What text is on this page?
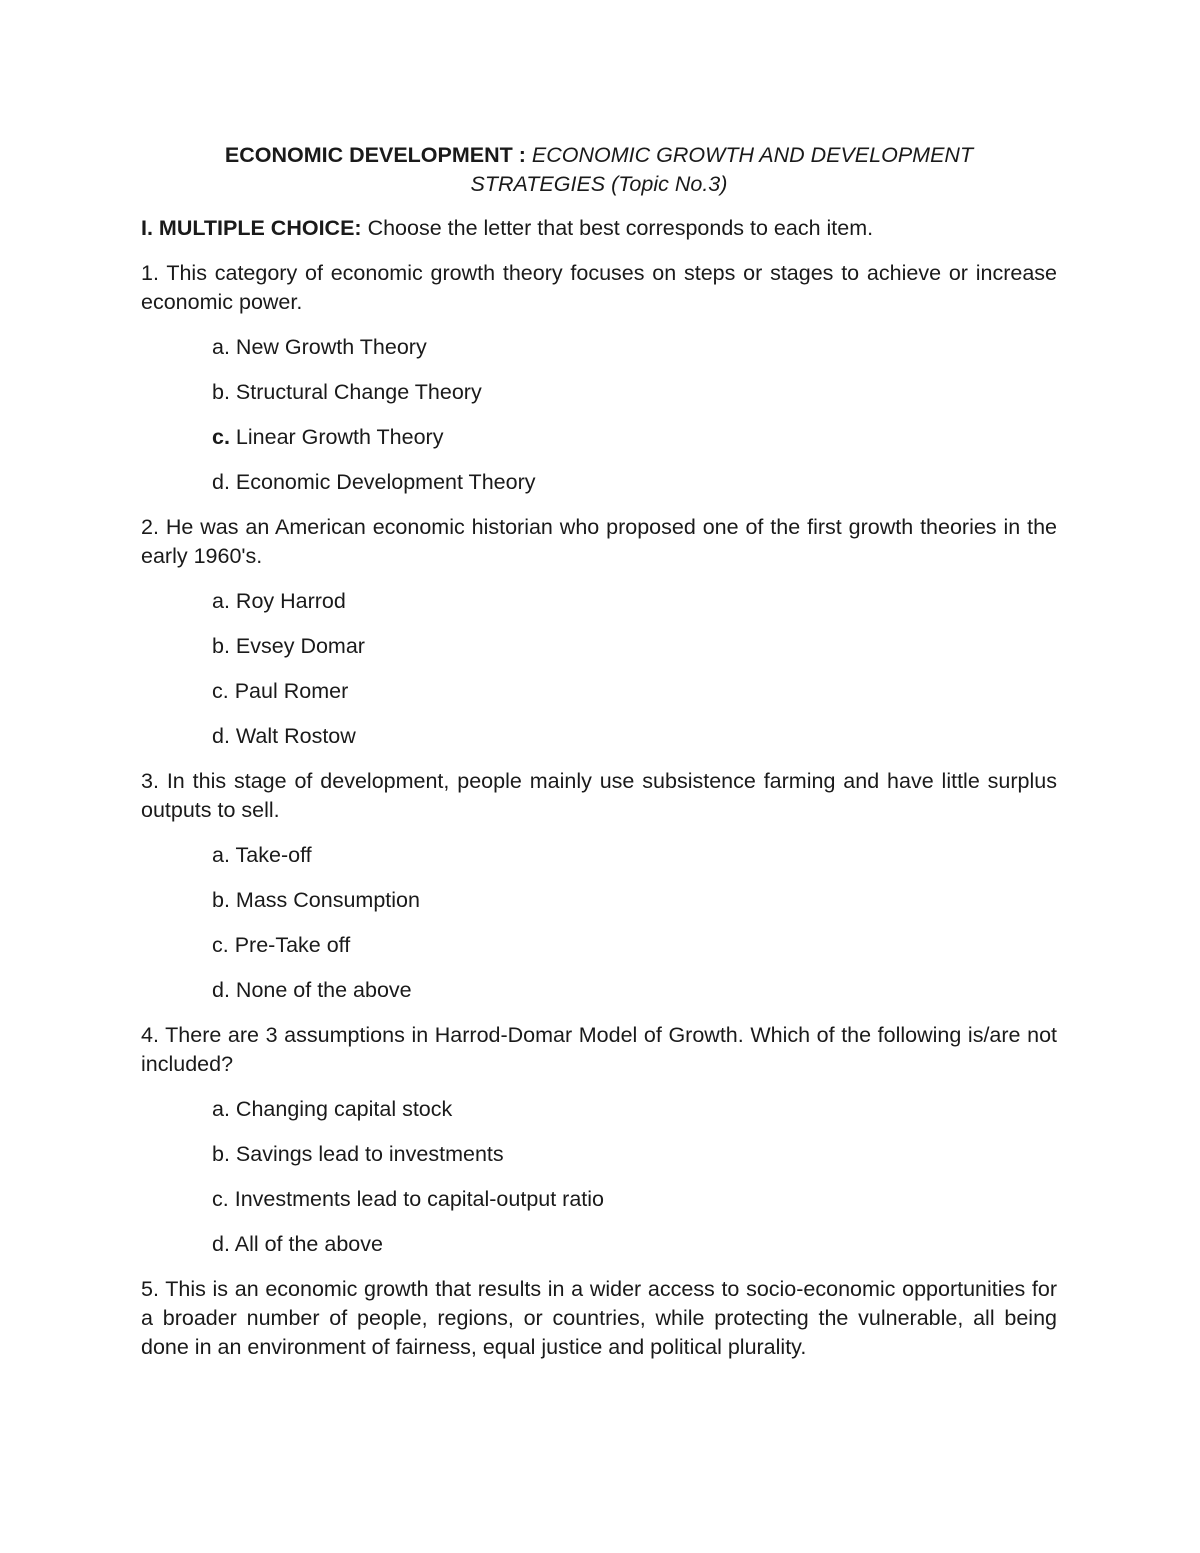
ECONOMIC DEVELOPMENT : ECONOMIC GROWTH AND DEVELOPMENT
STRATEGIES (Topic No.3)
I. MULTIPLE CHOICE: Choose the letter that best corresponds to each item.
1. This category of economic growth theory focuses on steps or stages to achieve or increase economic power.
a. New Growth Theory
b. Structural Change Theory
c. Linear Growth Theory
d. Economic Development Theory
2. He was an American economic historian who proposed one of the first growth theories in the early 1960's.
a. Roy Harrod
b. Evsey Domar
c. Paul Romer
d. Walt Rostow
3. In this stage of development, people mainly use subsistence farming and have little surplus outputs to sell.
a. Take-off
b. Mass Consumption
c. Pre-Take off
d. None of the above
4. There are 3 assumptions in Harrod-Domar Model of Growth. Which of the following is/are not included?
a. Changing capital stock
b. Savings lead to investments
c. Investments lead to capital-output ratio
d. All of the above
5. This is an economic growth that results in a wider access to socio-economic opportunities for a broader number of people, regions, or countries, while protecting the vulnerable, all being done in an environment of fairness, equal justice and political plurality.
